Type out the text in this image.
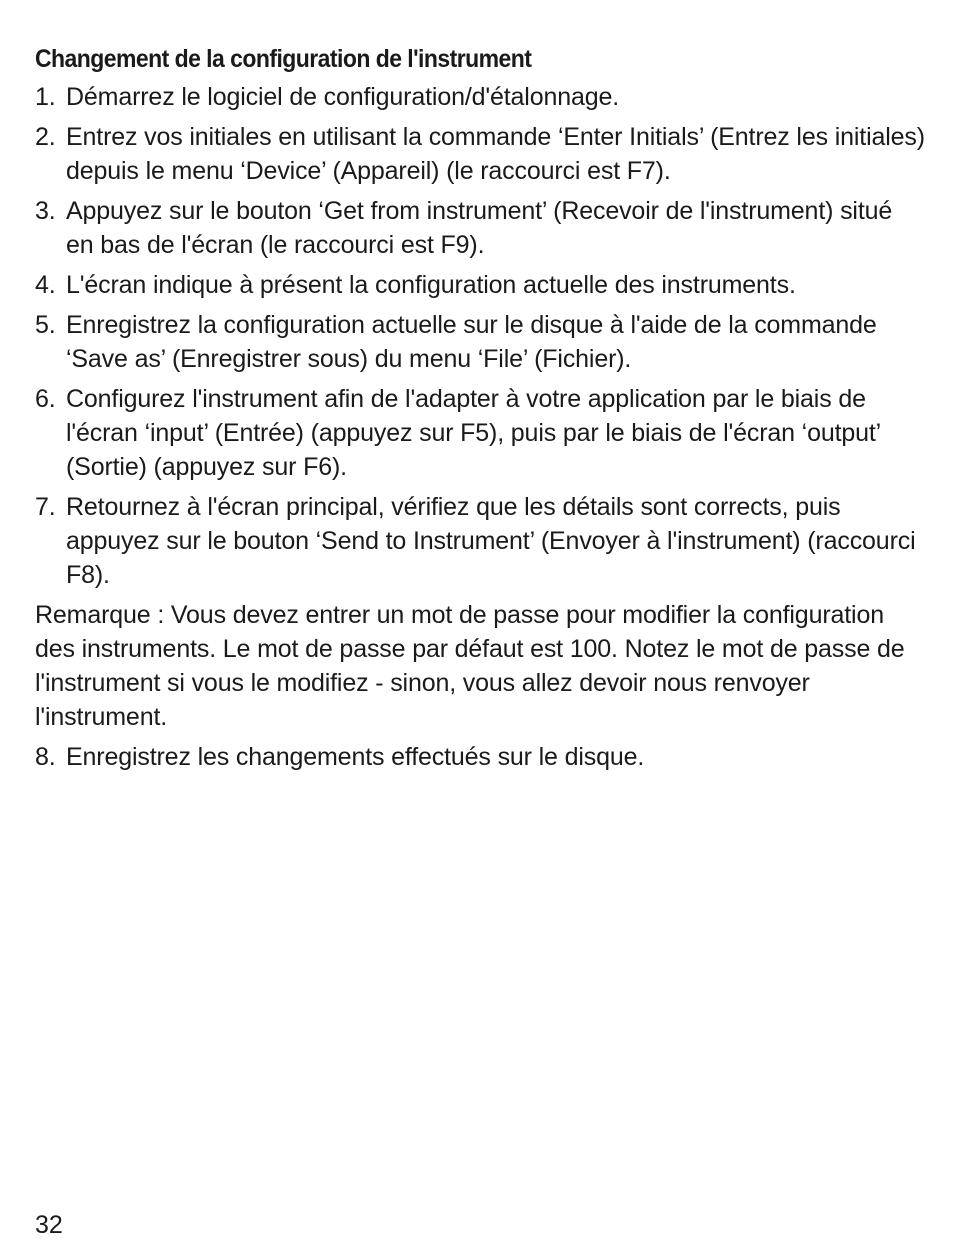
Changement de la configuration de l'instrument
1. Démarrez le logiciel de configuration/d'étalonnage.
2. Entrez vos initiales en utilisant la commande ‘Enter Initials’ (Entrez les initiales) depuis le menu ‘Device’ (Appareil) (le raccourci est F7).
3. Appuyez sur le bouton ‘Get from instrument’ (Recevoir de l'instrument) situé en bas de l'écran (le raccourci est F9).
4. L'écran indique à présent la configuration actuelle des instruments.
5. Enregistrez la configuration actuelle sur le disque à l'aide de la commande ‘Save as’ (Enregistrer sous) du menu ‘File’ (Fichier).
6. Configurez l'instrument afin de l'adapter à votre application par le biais de l'écran ‘input’ (Entrée) (appuyez sur F5), puis par le biais de l'écran ‘output’ (Sortie) (appuyez sur F6).
7. Retournez à l'écran principal, vérifiez que les détails sont corrects, puis appuyez sur le bouton ‘Send to Instrument’ (Envoyer à l'instrument) (raccourci F8).

Remarque : Vous devez entrer un mot de passe pour modifier la configuration des instruments. Le mot de passe par défaut est 100. Notez le mot de passe de l'instrument si vous le modifiez - sinon, vous allez devoir nous renvoyer l'instrument.

8. Enregistrez les changements effectués sur le disque.
32
